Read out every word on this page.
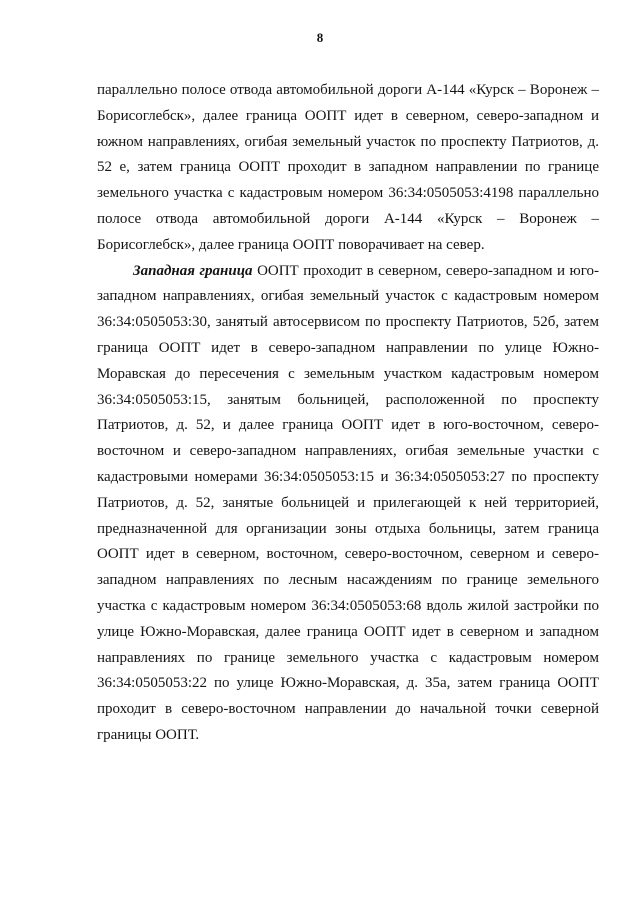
8

параллельно полосе отвода автомобильной дороги А-144 «Курск – Воронеж – Борисоглебск», далее граница ООПТ идет в северном, северо-западном и южном направлениях, огибая земельный участок по проспекту Патриотов, д. 52 е, затем граница ООПТ проходит в западном направлении по границе земельного участка с кадастровым номером 36:34:0505053:4198 параллельно полосе отвода автомобильной дороги А-144 «Курск – Воронеж – Борисоглебск», далее граница ООПТ поворачивает на север.

Западная граница ООПТ проходит в северном, северо-западном и юго-западном направлениях, огибая земельный участок с кадастровым номером 36:34:0505053:30, занятый автосервисом по проспекту Патриотов, 52б, затем граница ООПТ идет в северо-западном направлении по улице Южно-Моравская до пересечения с земельным участком кадастровым номером 36:34:0505053:15, занятым больницей, расположенной по проспекту Патриотов, д. 52, и далее граница ООПТ идет в юго-восточном, северо-восточном и северо-западном направлениях, огибая земельные участки с кадастровыми номерами 36:34:0505053:15 и 36:34:0505053:27 по проспекту Патриотов, д. 52, занятые больницей и прилегающей к ней территорией, предназначенной для организации зоны отдыха больницы, затем граница ООПТ идет в северном, восточном, северо-восточном, северном и северо-западном направлениях по лесным насаждениям по границе земельного участка с кадастровым номером 36:34:0505053:68 вдоль жилой застройки по улице Южно-Моравская, далее граница ООПТ идет в северном и западном направлениях по границе земельного участка с кадастровым номером 36:34:0505053:22 по улице Южно-Моравская, д. 35а, затем граница ООПТ проходит в северо-восточном направлении до начальной точки северной границы ООПТ.
